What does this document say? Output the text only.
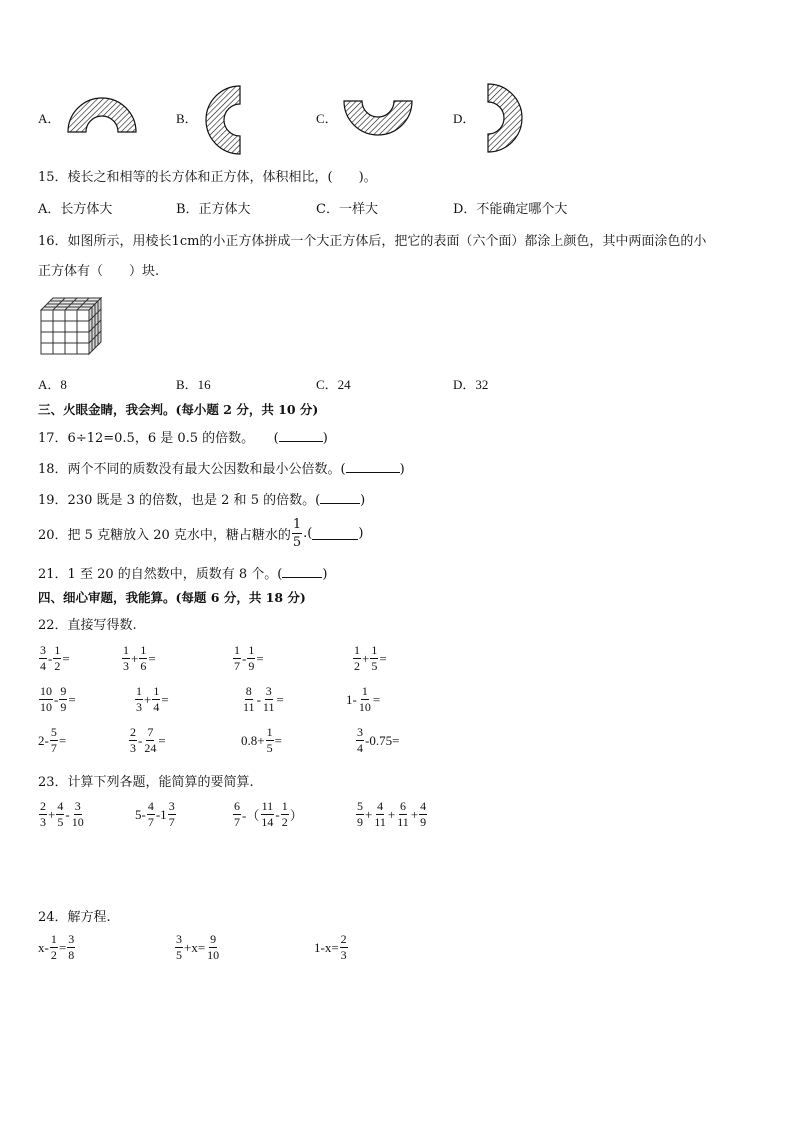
A．	B．	C．	D．
15．棱长之和相等的长方体和正方体，体积相比，(　　)。
A．长方体大	B．正方体大	C．一样大	D．不能确定哪个大
16．如图所示，用棱长1cm的小正方体拼成一个大正方体后，把它的表面（六个面）都涂上颜色，其中两面涂色的小
正方体有（　　）块.
A．8	B．16	C．24	D．32
三、火眼金睛，我会判。(每小题 2 分，共 10 分)
17．6÷12=0.5，6 是 0.5 的倍数。　　(	)
18．两个不同的质数没有最大公因数和最小公倍数。(	)
19．230 既是 3 的倍数，也是 2 和 5 的倍数。(	)
20．把 5 克糖放入 20 克水中，糖占糖水的 $\frac{1}{5}$ .(	)
21．1 至 20 的自然数中，质数有 8 个。(	)
四、细心审题，我能算。(每题 6 分，共 18 分)
22．直接写得数.
$\frac{3}{4} - \frac{1}{2}$ =	$\frac{1}{3} + \frac{1}{6}$ =	$\frac{1}{7} - \frac{1}{9}$ =	$\frac{1}{2} + \frac{1}{5}$ =
$\frac{10}{10} - \frac{9}{9}$ =	$\frac{1}{3} + \frac{1}{4}$ =	$\frac{8}{11} - \frac{3}{11}$ =	$1- \frac{1}{10}$ =
$2- \frac{5}{7}$ =	$\frac{2}{3} - \frac{7}{24}$ =	$0.8+ \frac{1}{5}$ =	$\frac{3}{4} -0.75=$
23．计算下列各题，能简算的要简算.
$\frac{2}{3} + \frac{4}{5} - \frac{3}{10}$	$5- \frac{4}{7} -1 \frac{3}{7}$	$\frac{6}{7}$ -（ $\frac{11}{14} - \frac{1}{2}$ ）	$\frac{5}{9} + \frac{4}{11} + \frac{6}{11} + \frac{4}{9}$
24．解方程.
$x- \frac{1}{2} = \frac{3}{8}$	$\frac{3}{5} +x= \frac{9}{10}$	$1-x= \frac{2}{3}$
